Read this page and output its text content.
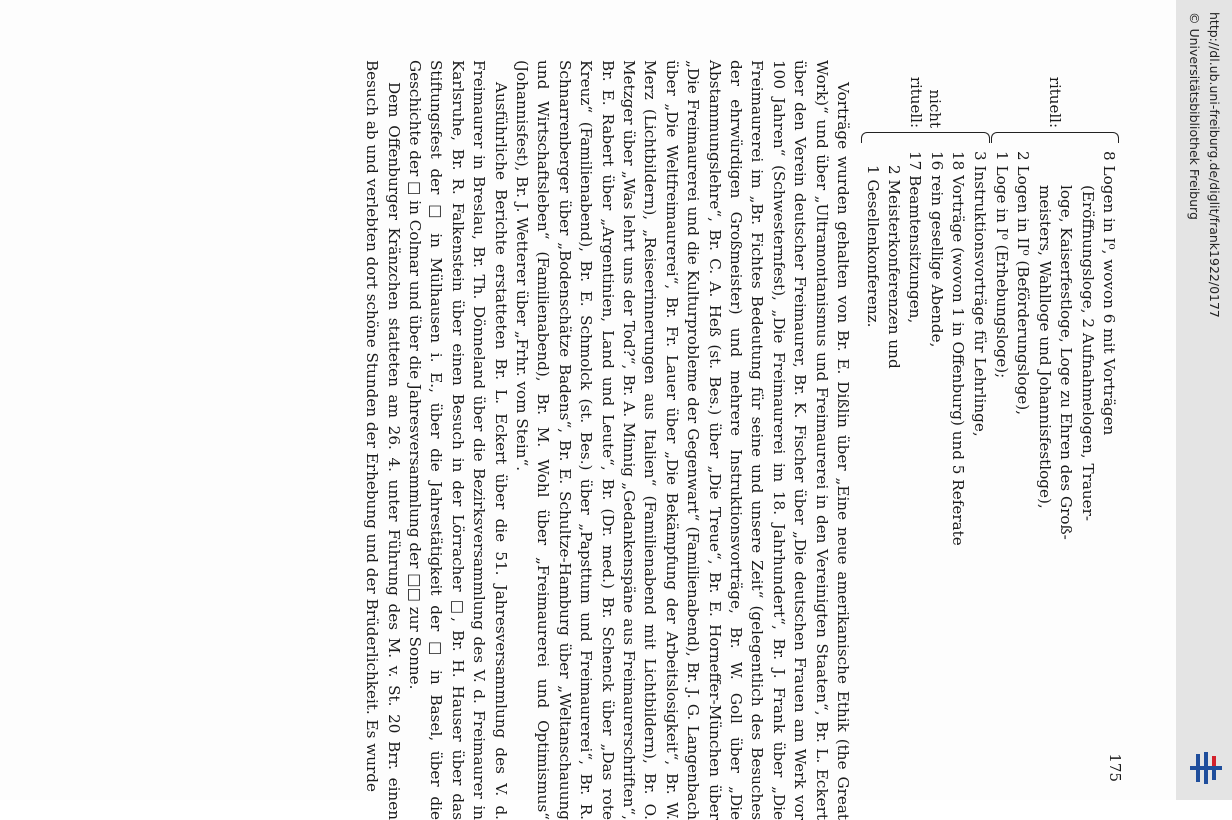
175
rituell:
8 Logen in I⁰, wovon 6 mit Vorträgen
(Eröffnungsloge, 2 Aufnahmelogen, Trauer-
loge, Kaiserfestloge, Loge zu Ehren des Groß-
meisters, Wahlloge und Johannisfestloge),
2 Logen in II⁰ (Beförderungsloge),
1 Loge in I⁰ (Erhebungsloge);
nicht rituell:
3 Instruktionsvorträge für Lehrlinge,
18 Vorträge (wovon 1 in Offenburg) und 5 Referate
16 rein gesellige Abende,
17 Beamtensitzungen,
2 Meisterkonferenzen und
1 Gesellenkonferenz.

Vorträge wurden gehalten von Br. E. Dißlin über „Eine neue amerikanische Ethik (the Great Work)“ und über „Ultramontanismus und Freimaurerei in den Vereinigten Staaten“, Br. L. Eckert über den Verein deutscher Freimaurer, Br. K. Fischer über „Die deutschen Frauen am Werk vor 100 Jahren“ (Schwesternfest), „Die Freimaurerei im 18. Jahrhundert“, Br. J. Frank über „Die Freimaurerei im „Br. Fichtes Bedeutung für seine und unsere Zeit“ (gelegentlich des Besuches der ehrwürdigen Großmeister) und mehrere Instruktionsvorträge, Br. W. Goll über „Die Abstammungslehre“, Br. C. A. Heß (st. Bes.) über „Die Treue“, Br. E. Horneffer-München über „Die Freimaurerei und die Kulturprobleme der Gegenwart“ (Familienabend), Br. J. G. Langenbach über „Die Weltfreimaurerei“, Br. Fr. Lauer über „Die Bekämpfung der Arbeitslosigkeit“, Br. W. Merz (Lichtbildern), „Reiseerinnerungen aus Italien“ (Familienabend mit Lichtbildern), Br. O. Metzger über „Was lehrt uns der Tod?“, Br. A. Minnig „Gedankenspäne aus Freimaurerschriften“, Br. E. Rabert über „Argentinien, Land und Leute“, Br. (Dr. med.) Br. Schenck über „Das rote Kreuz“ (Familienabend), Br. E. Schmolck (st. Bes.) über „Papsttum und Freimaurerei“, Br. R. Schnarrenberger über „Bodenschätze Badens“, Br. E. Schultze-Hamburg über „Weltanschauung und Wirtschaftsleben“ (Familienabend), Br. M. Wohl über „Freimaurerei und Optimismus“ (Johannisfest), Br. J. Wetterer über „Frhr. vom Stein“.

Ausführliche Berichte erstatteten Br. L. Eckert über die 51. Jahresversammlung des V. d. Freimaurer in Breslau, Br. Th. Dönneland über die Bezirksversammlung des V. d. Freimaurer in Karlsruhe, Br. R. Falkenstein über einen Besuch in der Lörracher □, Br. H. Hauser über das Stiftungsfest der □ in Mülhausen i. E., über die Jahrestätigkeit der □ in Basel, über die Geschichte der □ in Colmar und über die Jahresversammlung der □□ zur Sonne.

Dem Offenburger Kränzchen statteten am 26. 4. unter Führung des M. v. St. 20 Brr. einen Besuch ab und verlebten dort schöne Stunden der Erhebung und der Brüderlichkeit. Es wurde	http://dl.ub.uni-freiburg.de/diglit/frank1922/0177
© Universitätsbibliothek Freiburg
